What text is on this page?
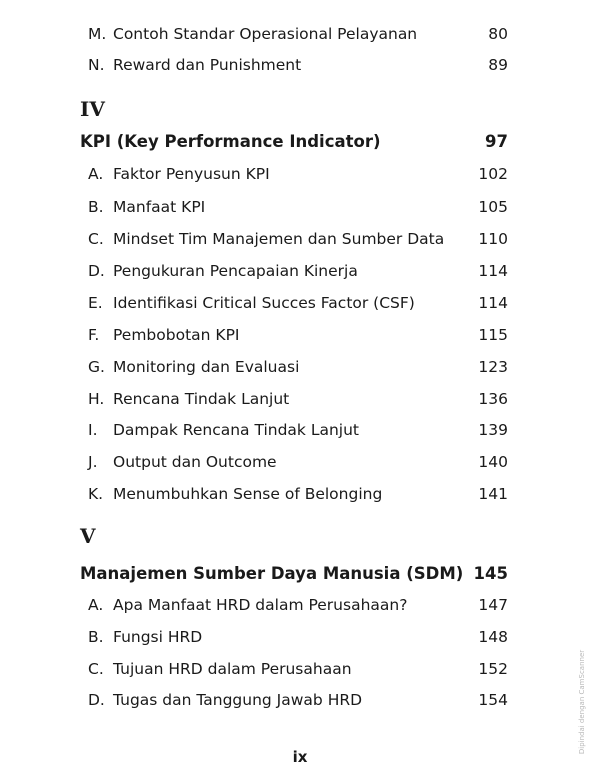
M. Contoh Standar Operasional Pelayanan	80
N. Reward dan Punishment	89
IV
KPI (Key Performance Indicator)	97
A. Faktor Penyusun KPI	102
B. Manfaat KPI	105
C. Mindset Tim Manajemen dan Sumber Data 110
D. Pengukuran Pencapaian Kinerja	114
E. Identifikasi Critical Succes Factor (CSF)	114
F. Pembobotan KPI	115
G. Monitoring dan Evaluasi	123
H. Rencana Tindak Lanjut	136
I. Dampak Rencana Tindak Lanjut	139
J. Output dan Outcome	140
K. Menumbuhkan Sense of Belonging	141
V
Manajemen Sumber Daya Manusia (SDM) 145
A. Apa Manfaat HRD dalam Perusahaan?	147
B. Fungsi HRD	148
C. Tujuan HRD dalam Perusahaan	152
D. Tugas dan Tanggung Jawab HRD	154
ix
Dipindai dengan CamScanner
